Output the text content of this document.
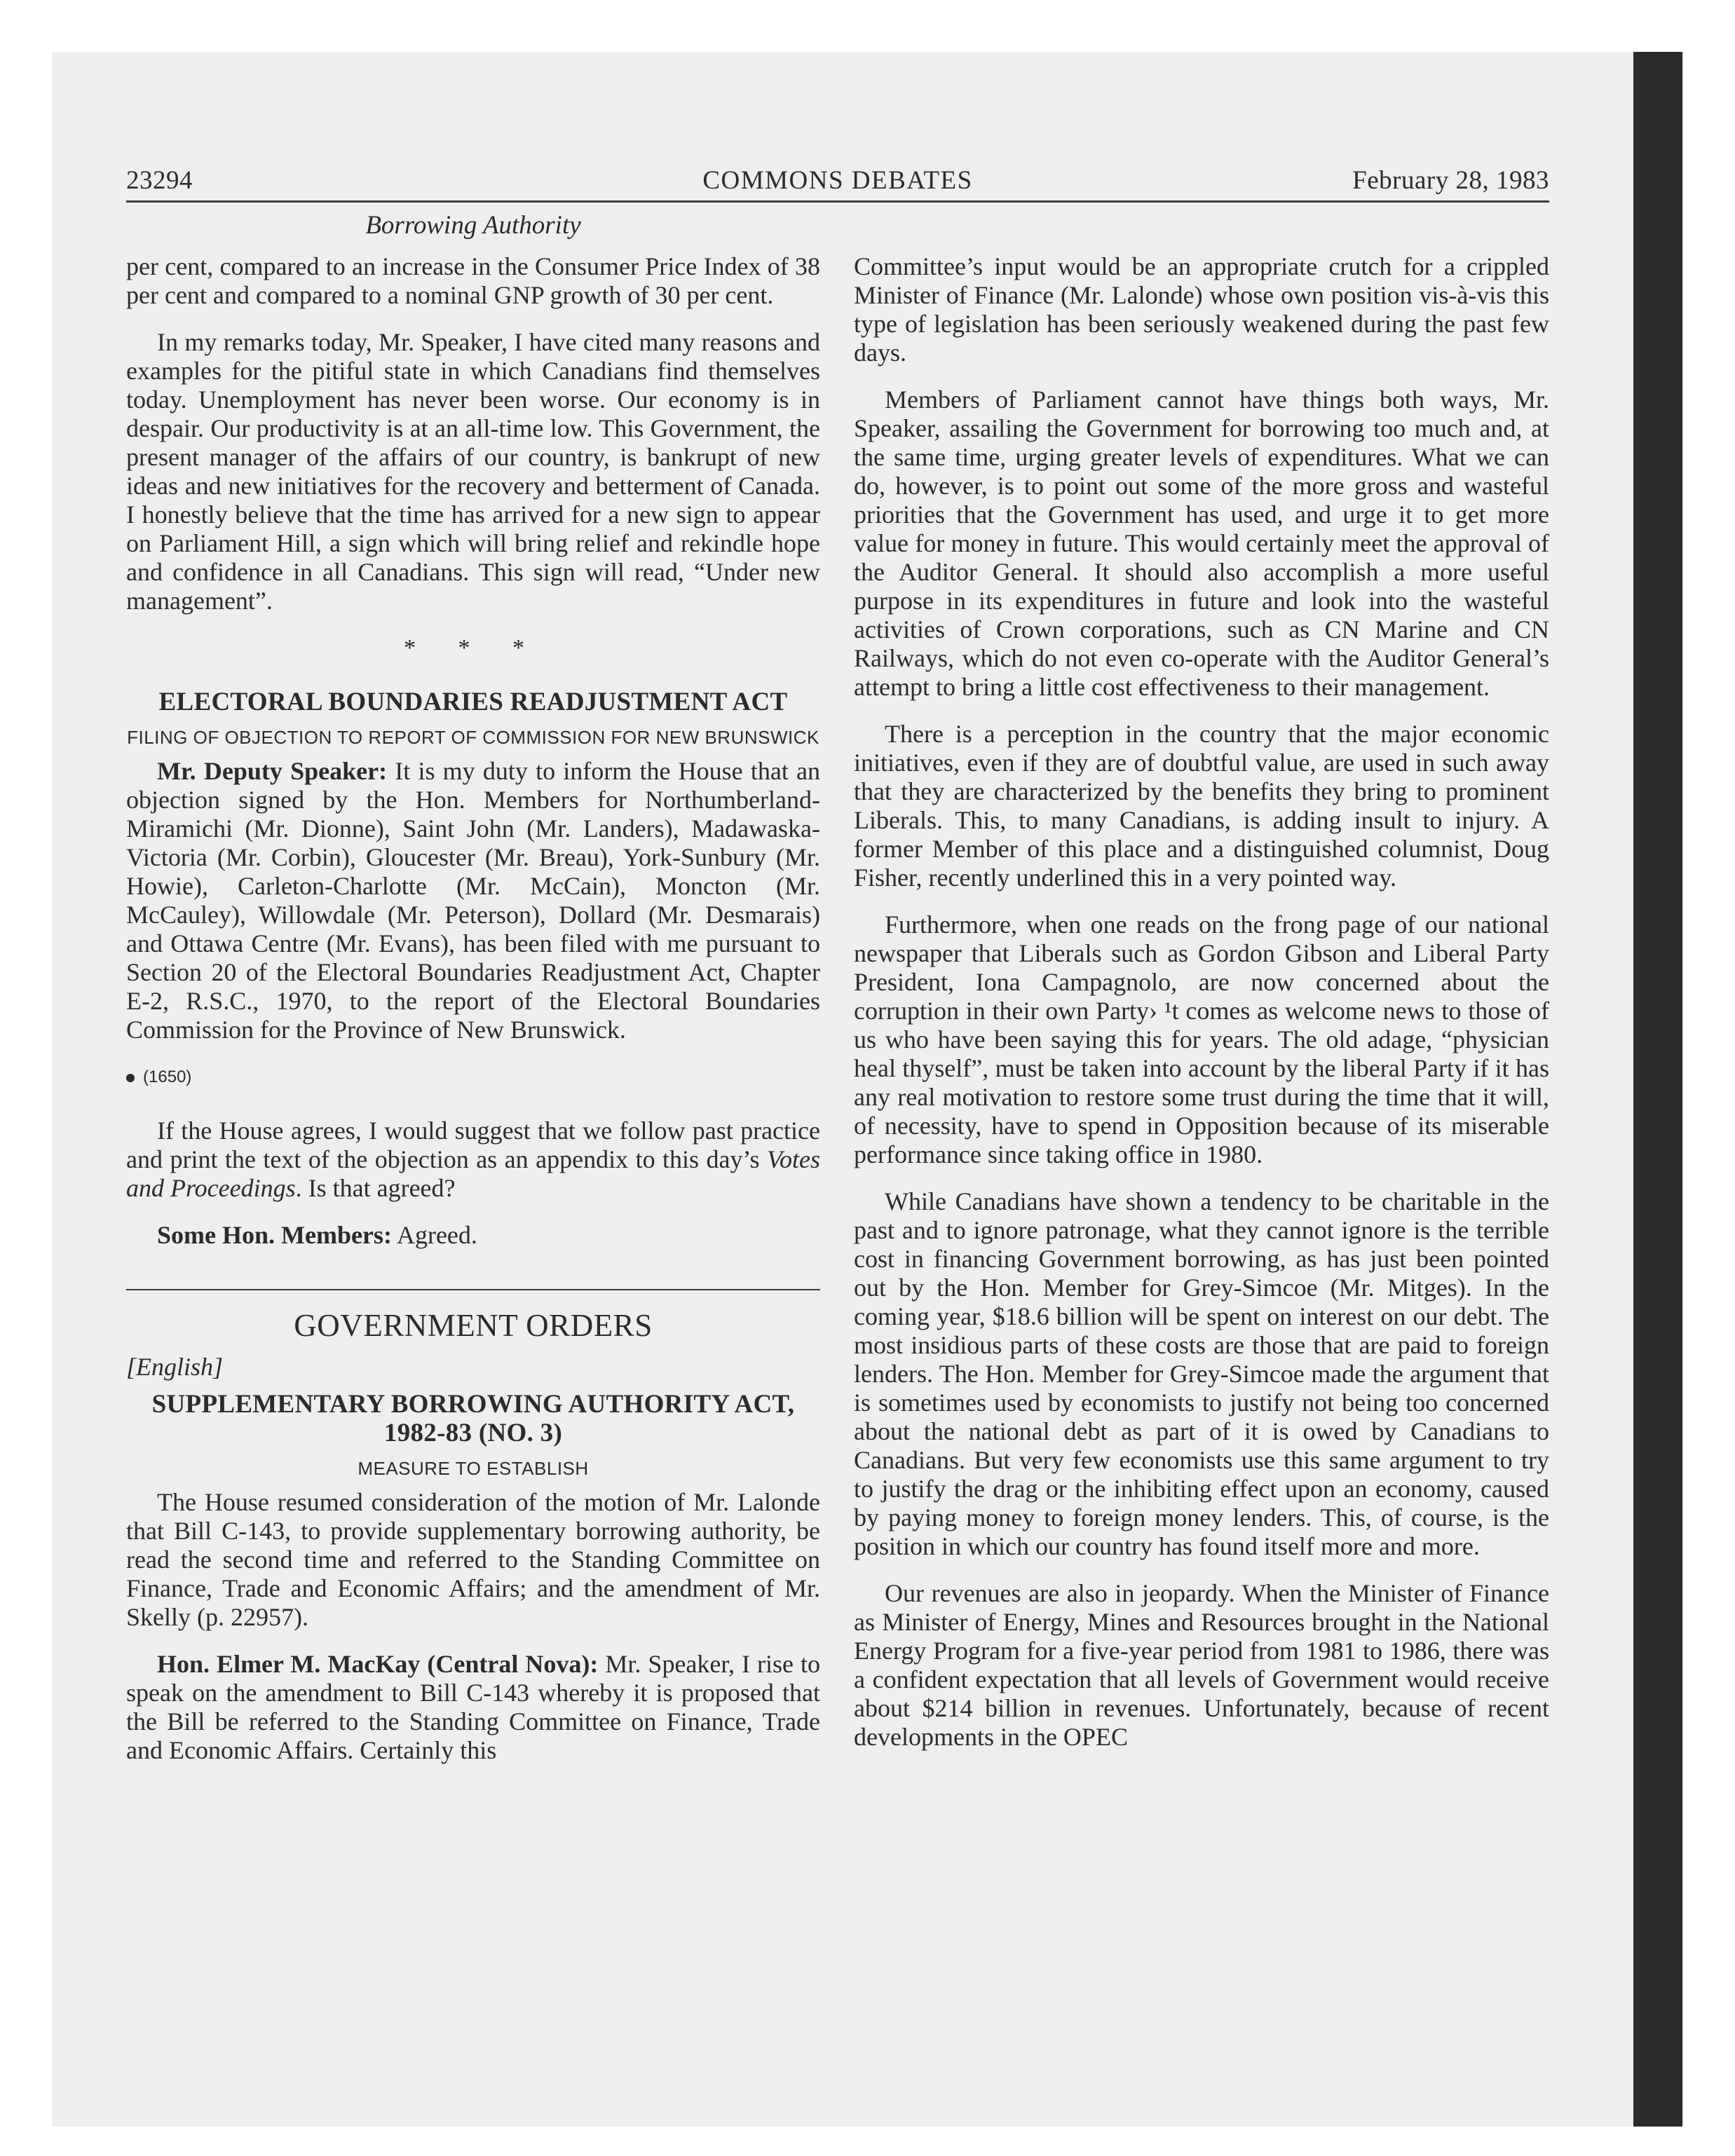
23294	COMMONS DEBATES	February 28, 1983
Borrowing Authority

per cent, compared to an increase in the Consumer Price Index of 38 per cent and compared to a nominal GNP growth of 30 per cent.

In my remarks today, Mr. Speaker, I have cited many reasons and examples for the pitiful state in which Canadians find themselves today. Unemployment has never been worse. Our economy is in despair. Our productivity is at an all-time low. This Government, the present manager of the affairs of our country, is bankrupt of new ideas and new initiatives for the recovery and betterment of Canada. I honestly believe that the time has arrived for a new sign to appear on Parliament Hill, a sign which will bring relief and rekindle hope and confidence in all Canadians. This sign will read, “Under new management”.

* * *
ELECTORAL BOUNDARIES READJUSTMENT ACT
FILING OF OBJECTION TO REPORT OF COMMISSION FOR NEW BRUNSWICK

Mr. Deputy Speaker: It is my duty to inform the House that an objection signed by the Hon. Members for Northumberland-Miramichi (Mr. Dionne), Saint John (Mr. Landers), Madawaska-Victoria (Mr. Corbin), Gloucester (Mr. Breau), York-Sunbury (Mr. Howie), Carleton-Charlotte (Mr. McCain), Moncton (Mr. McCauley), Willowdale (Mr. Peterson), Dollard (Mr. Desmarais) and Ottawa Centre (Mr. Evans), has been filed with me pursuant to Section 20 of the Electoral Boundaries Readjustment Act, Chapter E-2, R.S.C., 1970, to the report of the Electoral Boundaries Commission for the Province of New Brunswick.

(1650)

If the House agrees, I would suggest that we follow past practice and print the text of the objection as an appendix to this day’s Votes and Proceedings. Is that agreed?

Some Hon. Members: Agreed.

GOVERNMENT ORDERS
[English]
SUPPLEMENTARY BORROWING AUTHORITY ACT,
1982-83 (NO. 3)
MEASURE TO ESTABLISH

The House resumed consideration of the motion of Mr. Lalonde that Bill C-143, to provide supplementary borrowing authority, be read the second time and referred to the Standing Committee on Finance, Trade and Economic Affairs; and the amendment of Mr. Skelly (p. 22957).

Hon. Elmer M. MacKay (Central Nova): Mr. Speaker, I rise to speak on the amendment to Bill C-143 whereby it is proposed that the Bill be referred to the Standing Committee on Finance, Trade and Economic Affairs. Certainly this

Committee’s input would be an appropriate crutch for a crippled Minister of Finance (Mr. Lalonde) whose own position vis-à-vis this type of legislation has been seriously weakened during the past few days.

Members of Parliament cannot have things both ways, Mr. Speaker, assailing the Government for borrowing too much and, at the same time, urging greater levels of expenditures. What we can do, however, is to point out some of the more gross and wasteful priorities that the Government has used, and urge it to get more value for money in future. This would certainly meet the approval of the Auditor General. It should also accomplish a more useful purpose in its expenditures in future and look into the wasteful activities of Crown corporations, such as CN Marine and CN Railways, which do not even co-operate with the Auditor General’s attempt to bring a little cost effectiveness to their management.

There is a perception in the country that the major economic initiatives, even if they are of doubtful value, are used in such away that they are characterized by the benefits they bring to prominent Liberals. This, to many Canadians, is adding insult to injury. A former Member of this place and a distinguished columnist, Doug Fisher, recently underlined this in a very pointed way.

Furthermore, when one reads on the frong page of our national newspaper that Liberals such as Gordon Gibson and Liberal Party President, Iona Campagnolo, are now concerned about the corruption in their own Party› ¹t comes as welcome news to those of us who have been saying this for years. The old adage, “physician heal thyself”, must be taken into account by the liberal Party if it has any real motivation to restore some trust during the time that it will, of necessity, have to spend in Opposition because of its miserable performance since taking office in 1980.

While Canadians have shown a tendency to be charitable in the past and to ignore patronage, what they cannot ignore is the terrible cost in financing Government borrowing, as has just been pointed out by the Hon. Member for Grey-Simcoe (Mr. Mitges). In the coming year, $18.6 billion will be spent on interest on our debt. The most insidious parts of these costs are those that are paid to foreign lenders. The Hon. Member for Grey-Simcoe made the argument that is sometimes used by economists to justify not being too concerned about the national debt as part of it is owed by Canadians to Canadians. But very few economists use this same argument to try to justify the drag or the inhibiting effect upon an economy, caused by paying money to foreign money lenders. This, of course, is the position in which our country has found itself more and more.

Our revenues are also in jeopardy. When the Minister of Finance as Minister of Energy, Mines and Resources brought in the National Energy Program for a five-year period from 1981 to 1986, there was a confident expectation that all levels of Government would receive about $214 billion in revenues. Unfortunately, because of recent developments in the OPEC
